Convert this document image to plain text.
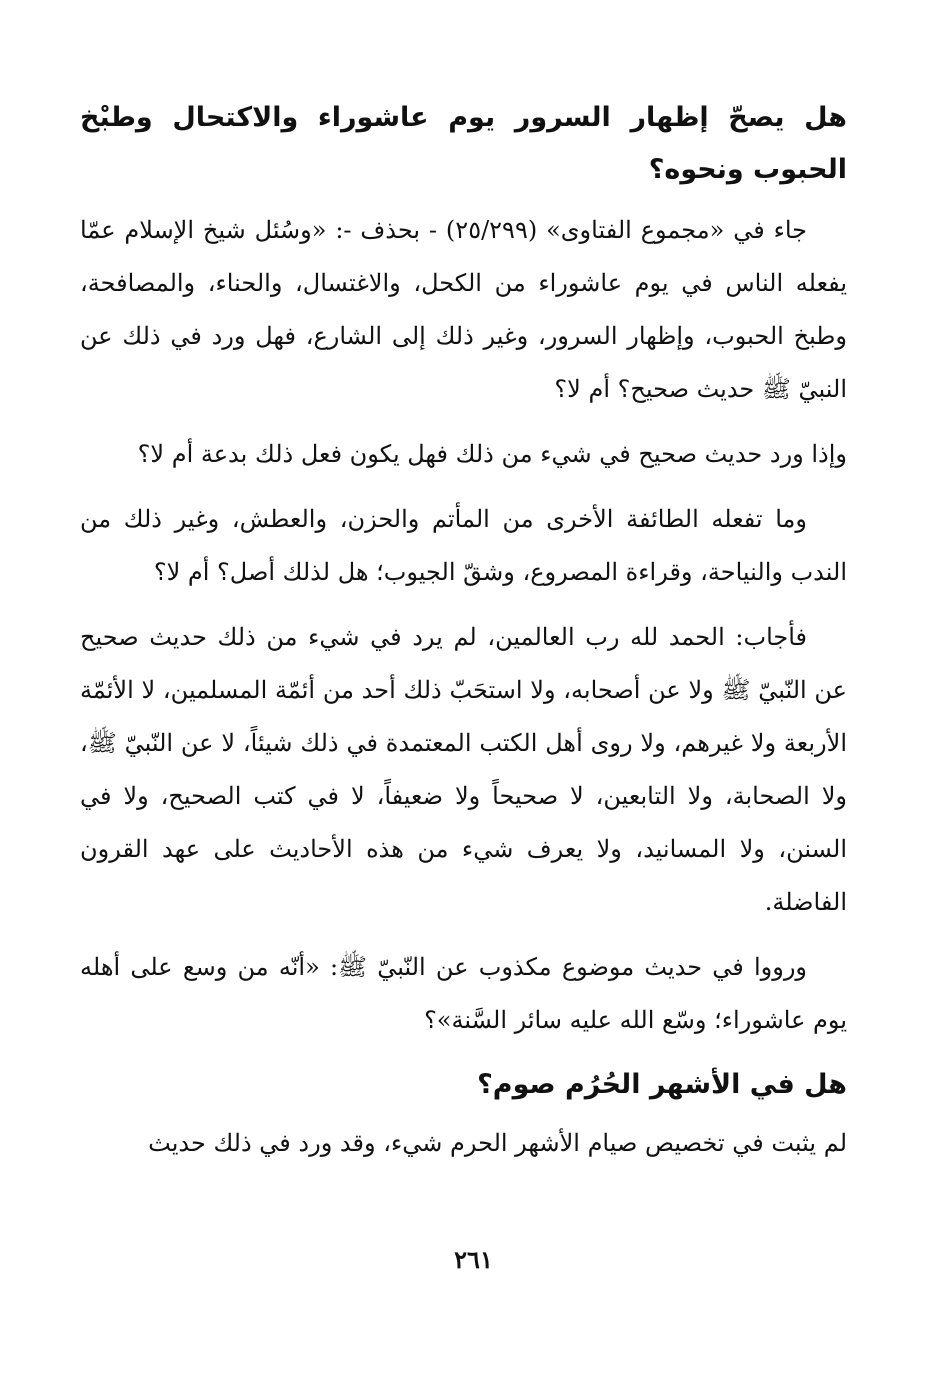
هل يصحّ إظهار السرور يوم عاشوراء والاكتحال وطبْخ الحبوب ونحوه؟

جاء في «مجموع الفتاوى» (٢٥/٢٩٩) - بحذف -: «وسُئل شيخ الإسلام عمّا يفعله الناس في يوم عاشوراء من الكحل، والاغتسال، والحناء، والمصافحة، وطبخ الحبوب، وإظهار السرور، وغير ذلك إلى الشارع، فهل ورد في ذلك عن النبيّ ﷺ حديث صحيح؟ أم لا؟

وإذا ورد حديث صحيح في شيء من ذلك فهل يكون فعل ذلك بدعة أم لا؟

وما تفعله الطائفة الأخرى من المأتم والحزن، والعطش، وغير ذلك من الندب والنياحة، وقراءة المصروع، وشقّ الجيوب؛ هل لذلك أصل؟ أم لا؟

فأجاب: الحمد لله رب العالمين، لم يرد في شيء من ذلك حديث صحيح عن النّبيّ ﷺ ولا عن أصحابه، ولا استحَبّ ذلك أحد من أئمّة المسلمين، لا الأئمّة الأربعة ولا غيرهم، ولا روى أهل الكتب المعتمدة في ذلك شيئاً، لا عن النّبيّ ﷺ، ولا الصحابة، ولا التابعين، لا صحيحاً ولا ضعيفاً، لا في كتب الصحيح، ولا في السنن، ولا المسانيد، ولا يعرف شيء من هذه الأحاديث على عهد القرون الفاضلة.

ورووا في حديث موضوع مكذوب عن النّبيّ ﷺ: «أنّه من وسع على أهله يوم عاشوراء؛ وسّع الله عليه سائر السَّنة»؟

هل في الأشهر الحُرُم صوم؟

لم يثبت في تخصيص صيام الأشهر الحرم شيء، وقد ورد في ذلك حديث

٢٦١
